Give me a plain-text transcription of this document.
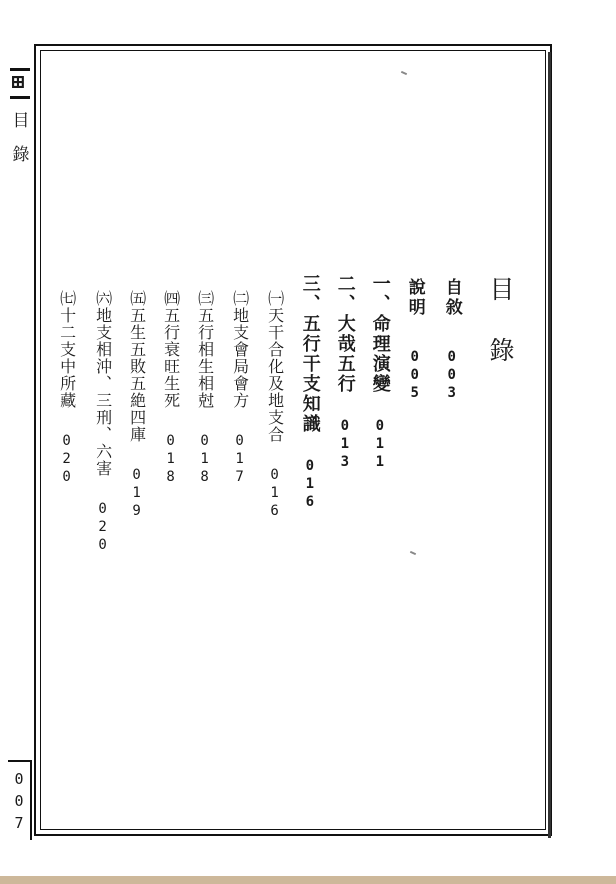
⊞
目
錄
0
0
7
目錄
自敘 003
說明 005
一、命理演變 011
二、大哉五行 013
三、五行干支知識 016
㈠天干合化及地支合 016
㈡地支會局會方 017
㈢五行相生相尅 018
㈣五行衰旺生死 018
㈤五生五敗五絶四庫 019
㈥地支相沖、三刑、六害 020
㈦十二支中所藏 020
